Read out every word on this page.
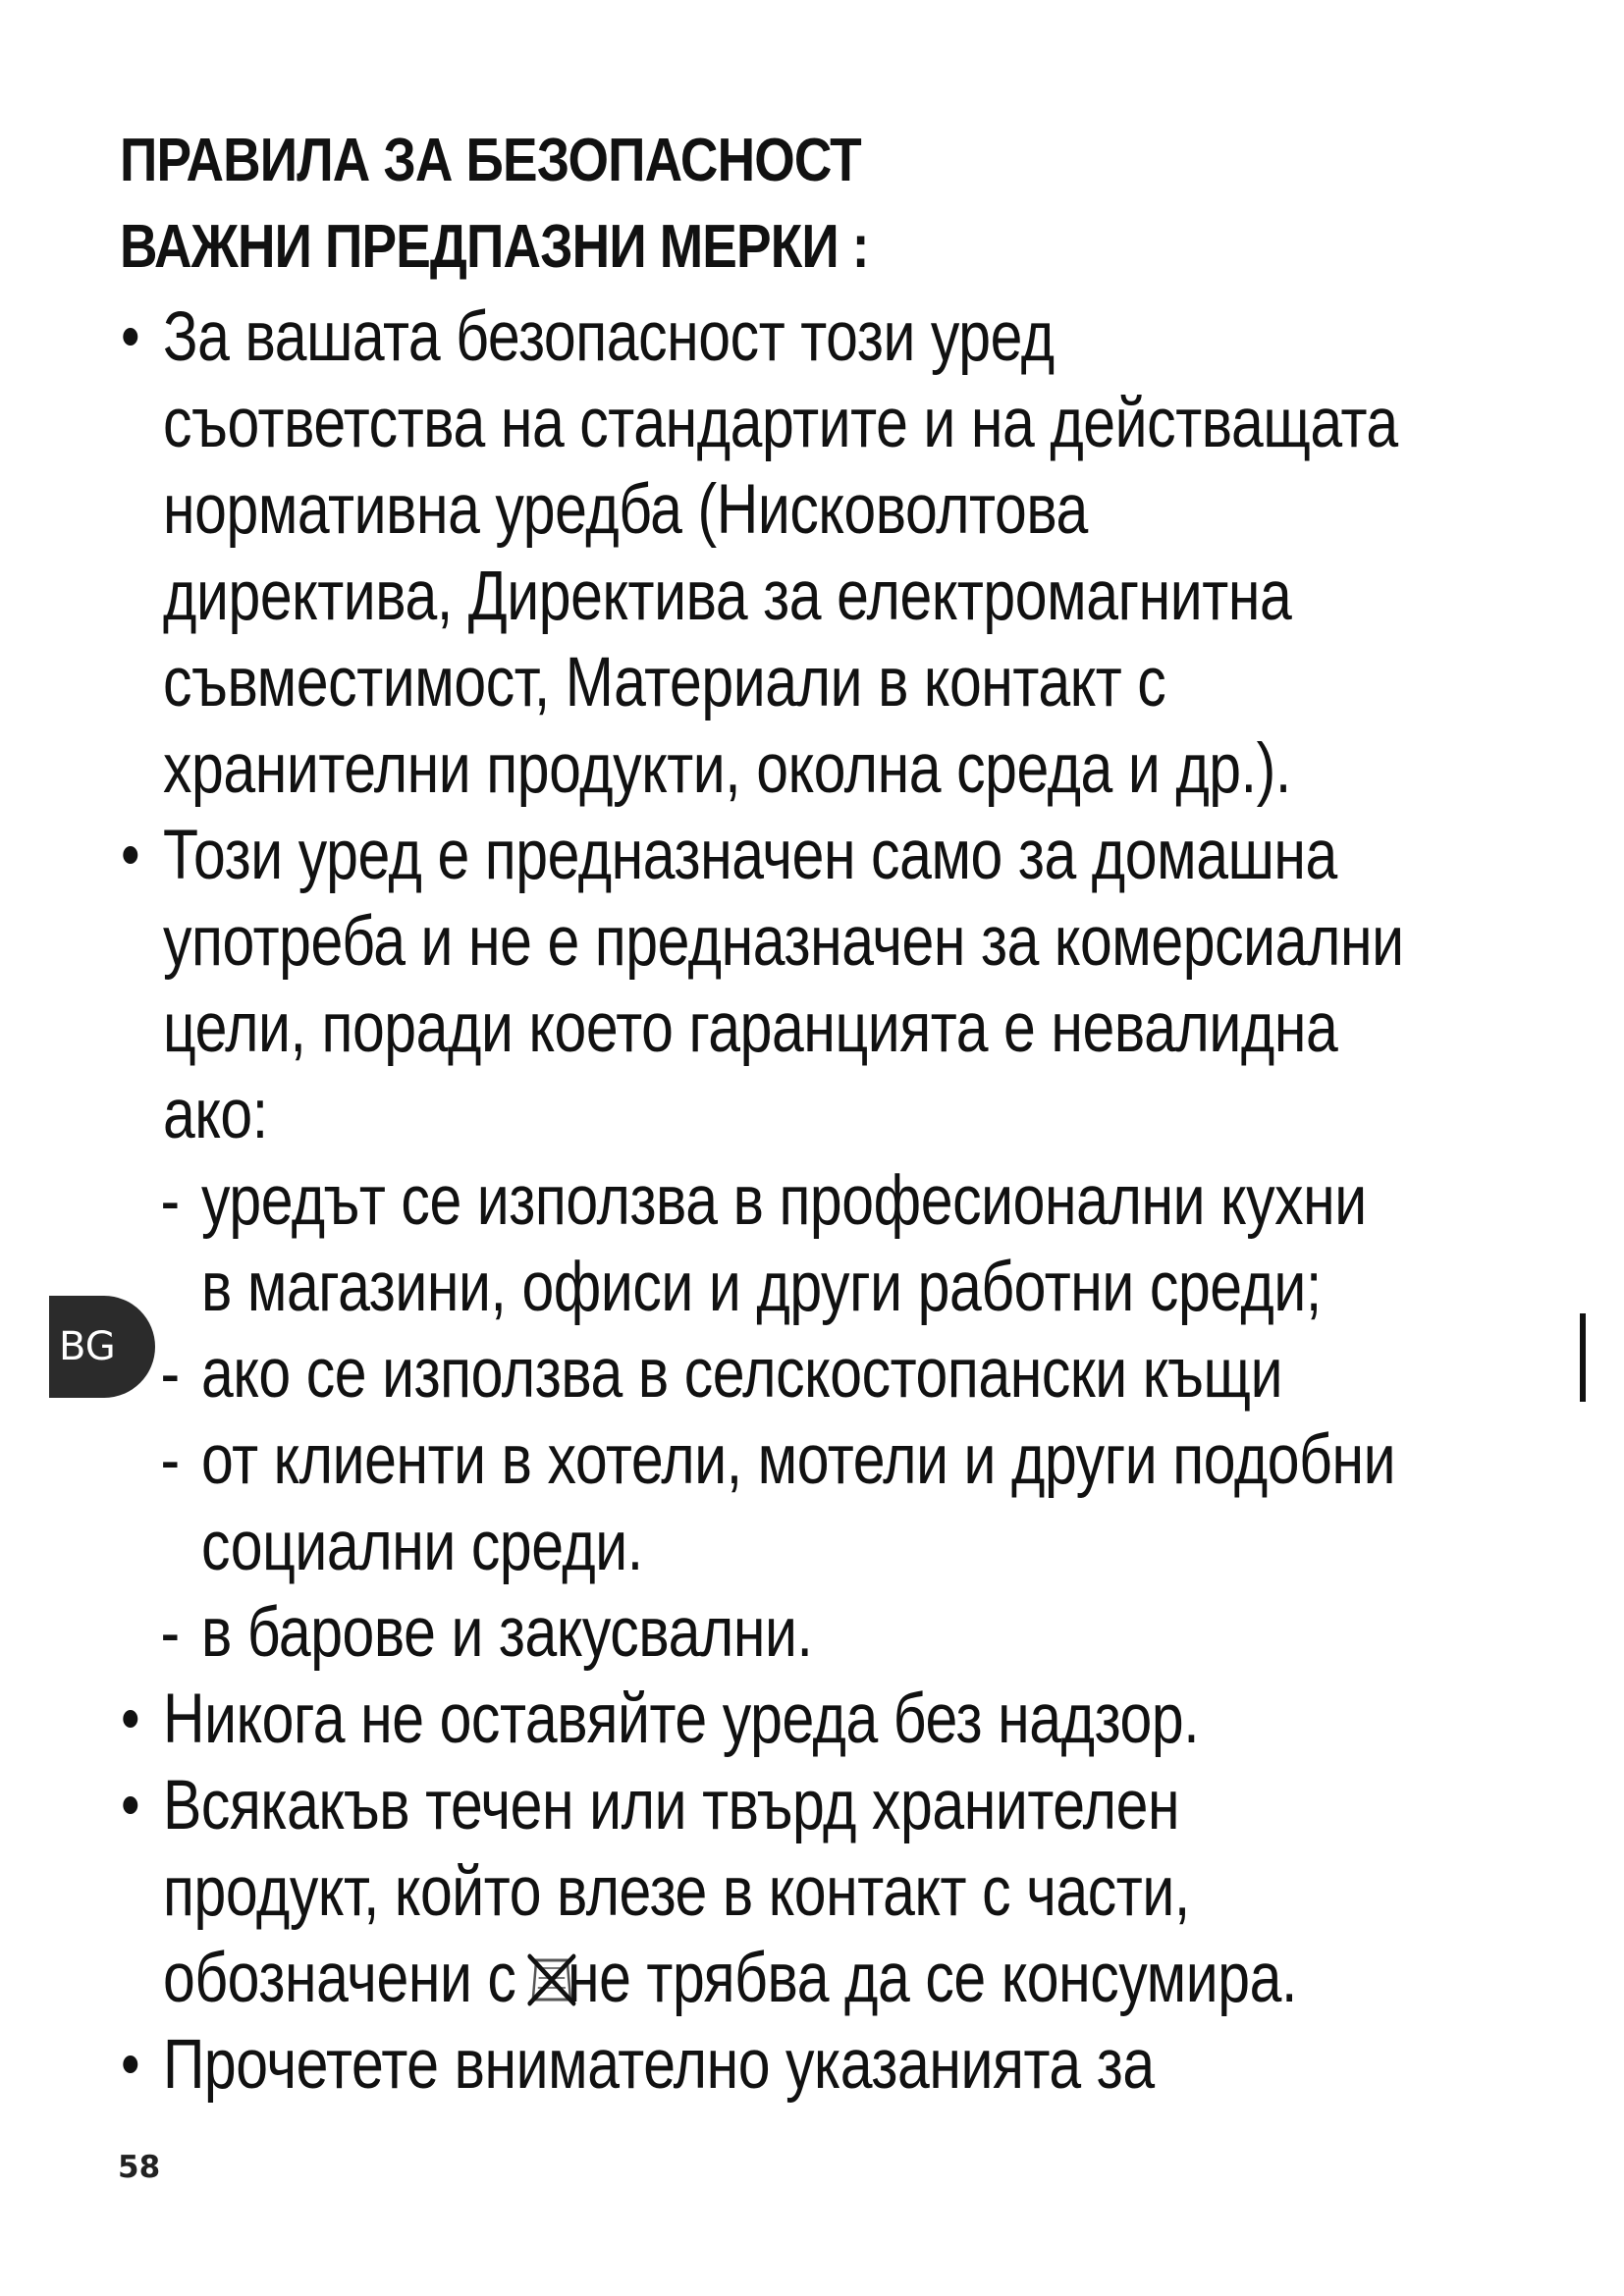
ПРАВИЛА ЗА БЕЗОПАСНОСТ
ВАЖНИ ПРЕДПАЗНИ МЕРКИ :
За вашата безопасност този уред
съответства на стандартите и на действащата
нормативна уредба (Нисковолтова
директива, Директива за електромагнитна
съвместимост, Материали в контакт с
хранителни продукти, околна среда и др.).
Този уред е предназначен само за домашна
употреба и не е предназначен за комерсиални
цели, поради което гаранцията е невалидна
ако:
- уредът се използва в професионални кухни
в магазини, офиси и други работни среди;
- ако се използва в селскостопански къщи
- от клиенти в хотели, мотели и други подобни
социални среди.
- в барове и закусвални.
Никога не оставяйте уреда без надзор.
Всякакъв течен или твърд хранителен
продукт, който влезе в контакт с части,
обозначени с не трябва да се консумира.
Прочетете внимателно указанията за
BG
58
